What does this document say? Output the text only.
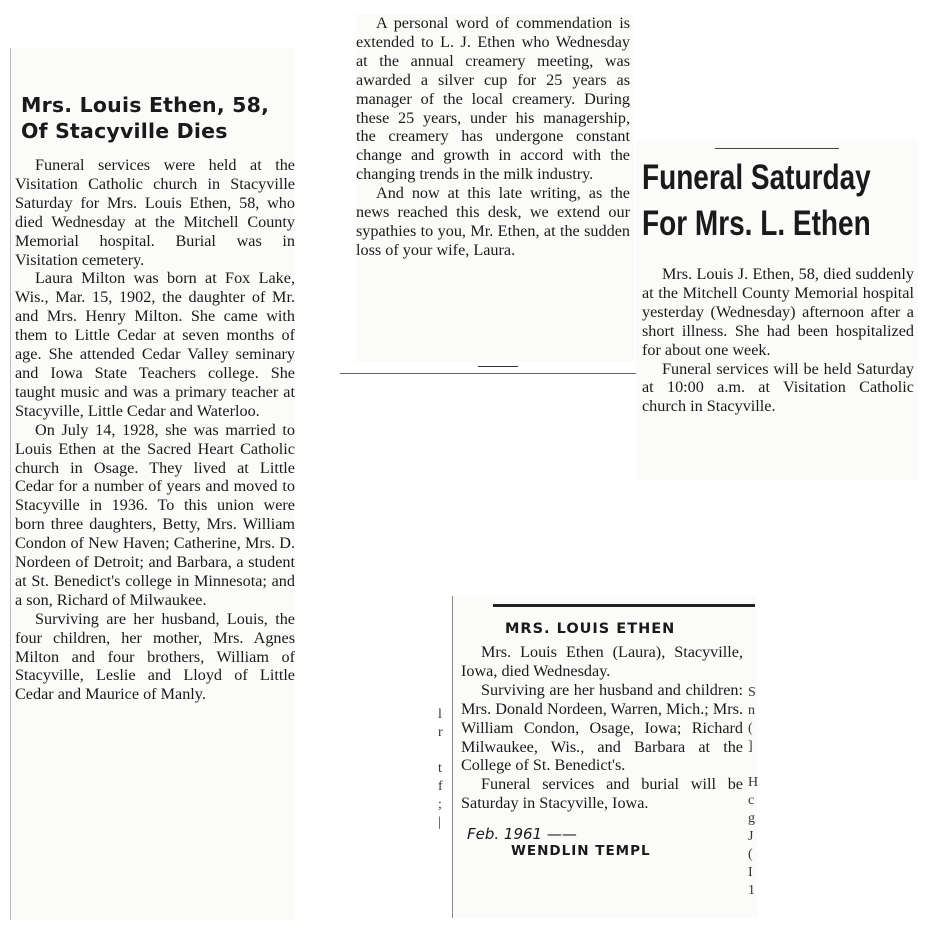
Mrs. Louis Ethen, 58,
Of Stacyville Dies

Funeral services were held at the Visitation Catholic church in Stacyville Saturday for Mrs. Louis Ethen, 58, who died Wednesday at the Mitchell County Memorial hospital. Burial was in Visitation cemetery.

Laura Milton was born at Fox Lake, Wis., Mar. 15, 1902, the daughter of Mr. and Mrs. Henry Milton. She came with them to Little Cedar at seven months of age. She attended Cedar Valley seminary and Iowa State Teachers college. She taught music and was a primary teacher at Stacyville, Little Cedar and Waterloo.

On July 14, 1928, she was married to Louis Ethen at the Sacred Heart Catholic church in Osage. They lived at Little Cedar for a number of years and moved to Stacyville in 1936. To this union were born three daughters, Betty, Mrs. William Condon of New Haven; Catherine, Mrs. D. Nordeen of Detroit; and Barbara, a student at St. Benedict's college in Minnesota; and a son, Richard of Milwaukee.

Surviving are her husband, Louis, the four children, her mother, Mrs. Agnes Milton and four brothers, William of Stacyville, Leslie and Lloyd of Little Cedar and Maurice of Manly.

A personal word of commendation is extended to L. J. Ethen who Wednesday at the annual creamery meeting, was awarded a silver cup for 25 years as manager of the local creamery. During these 25 years, under his managership, the creamery has undergone constant change and growth in accord with the changing trends in the milk industry.

And now at this late writing, as the news reached this desk, we extend our sypathies to you, Mr. Ethen, at the sudden loss of your wife, Laura.

Funeral Saturday
For Mrs. L. Ethen

Mrs. Louis J. Ethen, 58, died suddenly at the Mitchell County Memorial hospital yesterday (Wednesday) afternoon after a short illness. She had been hospitalized for about one week.

Funeral services will be held Saturday at 10:00 a.m. at Visitation Catholic church in Stacyville.

MRS. LOUIS ETHEN

Mrs. Louis Ethen (Laura), Stacyville, Iowa, died Wednesday.

Surviving are her husband and children: Mrs. Donald Nordeen, Warren, Mich.; Mrs. William Condon, Osage, Iowa; Richard Milwaukee, Wis., and Barbara at the College of St. Benedict's.

Funeral services and burial will be Saturday in Stacyville, Iowa.

Feb. 1961 ——
WENDLIN TEMPL
l
r
t
f
;
|
S
n
(
]
H
c
g
J
(
I
1
